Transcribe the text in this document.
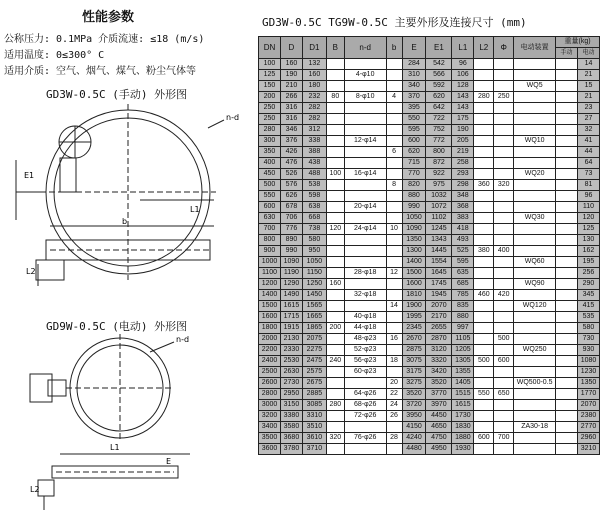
性能参数
公称压力: 0.1MPa 介质流速: ≤18 (m/s)
适用温度: 0≤300° C
适用介质: 空气、烟气、煤气、粉尘气体等
GD3W-0.5C (手动) 外形图
E1
n-d
L1
b
L2
GD9W-0.5C (电动) 外形图
n-d
L1
E
L2
GD3W-0.5C TG9W-0.5C 主要外形及连接尺寸 (mm)
DN	D	D1	B	n-d	b	E	E1	L1	L2	Φ	电动装置	重量(kg)	
												手动	电动
100	160	132				284	542	96					14
125	190	160		4-φ10		310	566	106					21
150	210	180				340	592	128			WQ5		15
200	266	232	80	8-φ10	4	370	620	143	280	250			21
250	316	282				395	642	143					23
250	316	282				550	722	175					27
280	346	312				595	752	190					32
300	376	338		12-φ14		600	772	205			WQ10		41
350	426	388			6	620	800	219					44
400	476	438				715	872	258					64
450	526	488	100	16-φ14		770	922	293			WQ20		73
500	576	538			8	820	975	298	360	320			81
550	626	598				880	1032	348					96
600	678	638		20-φ14		990	1072	368					110
630	706	668				1050	1102	383			WQ30		120
700	776	738	120	24-φ14	10	1090	1245	418					125
800	890	580				1350	1343	493					130
900	990	950				1300	1445	525	380	400			162
1000	1090	1050				1400	1554	595			WQ60		195
1100	1190	1150		28-φ18	12	1500	1645	635					256
1200	1290	1250	160			1600	1745	685			WQ90		290
1400	1490	1450		32-φ18		1810	1945	785	460	420			345
1500	1615	1565			14	1900	2070	835			WQ120		415
1600	1715	1665		40-φ18		1995	2170	880					535
1800	1915	1865	200	44-φ18		2345	2655	997					580
2000	2130	2075		48-φ23	16	2670	2870	1105		500			730
2200	2330	2275		52-φ23		2875	3120	1205			WQ250		930
2400	2530	2475	240	56-φ23	18	3075	3320	1305	500	600			1080
2500	2630	2575		60-φ23		3175	3420	1355					1230
2600	2730	2675			20	3275	3520	1405			WQ500-0.5		1350
2800	2950	2885		64-φ26	22	3520	3770	1515	550	650			1770
3000	3150	3085	280	68-φ26	24	3720	3970	1615					2070
3200	3380	3310		72-φ26	26	3950	4450	1730					2380
3400	3580	3510				4150	4650	1830			ZA30-18		2770
3500	3680	3610	320	76-φ26	28	4240	4750	1880	600	700			2960
3600	3780	3710				4480	4950	1930					3210
